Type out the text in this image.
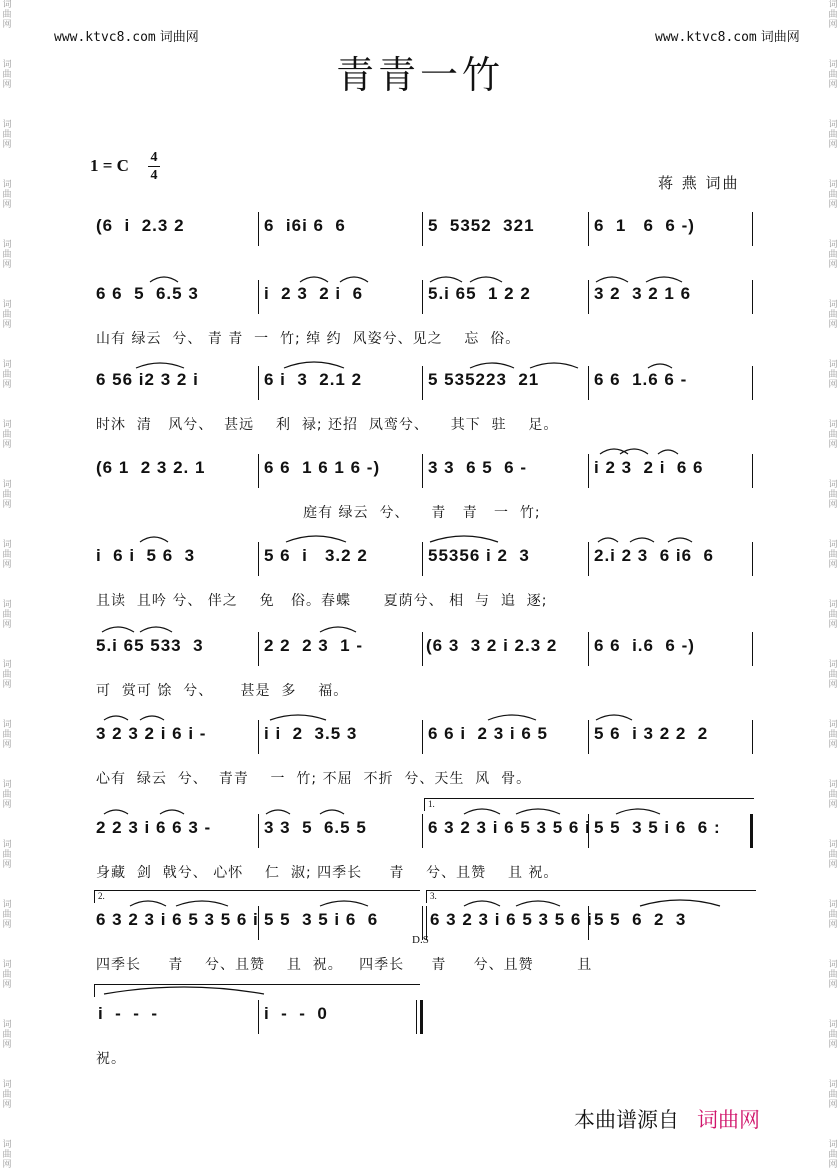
词
曲
网
词
曲
网
词
曲
网
词
曲
网
词
曲
网
词
曲
网
词
曲
网
词
曲
网
词
曲
网
词
曲
网
词
曲
网
词
曲
网
词
曲
网
词
曲
网
词
曲
网
词
曲
网
词
曲
网
词
曲
网
词
曲
网
词
曲
网
词
曲
网
词
曲
网
词
曲
网
词
曲
网
词
曲
网
词
曲
网
词
曲
网
词
曲
网
词
曲
网
词
曲
网
词
曲
网
词
曲
网
词
曲
网
词
曲
网
词
曲
网
词
曲
网
词
曲
网
词
曲
网
词
曲
网
词
曲
网
www.ktvc8.com 词曲网	www.ktvc8.com 词曲网
青青一竹
1 = C 4
4	蒋 燕 词曲
(6  i  2.3 2	6  i6i 6  6	5  5352  321	6  1   6  6 -)
6 6  5  6.5 3	i  2 3  2 i  6	5.i 65  1 2 2	3 2  3 2 1 6
山有 绿云  兮、 青 青  一  竹; 绰 约  风姿兮、见之    忘  俗。
6 56 i2 3 2 i	6 i  3  2.1 2	5 535223  21	6 6  1.6 6 -
时沐  清   风兮、  甚远    利  禄; 还招  凤鸾兮、    其下  驻    足。
(6 1  2 3 2. 1	6 6  1 6 1 6 -)	3 3  6 5  6 -	i 2 3  2 i  6 6
庭有 绿云  兮、    青   青   一  竹;
i  6 i  5 6  3	5 6  i   3.2 2	55356 i 2  3	2.i 2 3  6 i6  6
且读  且吟 兮、 伴之    免   俗。春蝶      夏荫兮、 相  与  追  逐;
5.i 65 533  3	2 2  2 3  1 -	(6 3  3 2 i 2.3 2 6 6  i.6  6 -)
可  赏可 馀  兮、     甚是  多    福。
3 2 3 2 i 6 i -	i i  2  3.5 3	6 6 i  2 3 i 6 5	5 6  i 3 2 2  2
心有  绿云  兮、  青青    一  竹; 不屈  不折  兮、天生  风  骨。
1.
2 2 3 i 6 6 3 -	3 3  5  6.5 5	6 3 2 3 i 6 5 3 5 6 i 5 5  3 5 i 6  6 :
身藏  剑  戟兮、 心怀    仁  淑; 四季长     青    兮、且赞    且 祝。
2.	3.
6 3 2 3 i 6 5 3 5 6 i 5 5  3 5 i 6  6	6 3 2 3 i 6 5 3 5 6 i 5 5  6  2  3
D.S
四季长     青    兮、且赞    且  祝。   四季长     青     兮、且赞        且
i  -  -  -	i  -  -  0
祝。
本曲谱源自 词曲网
